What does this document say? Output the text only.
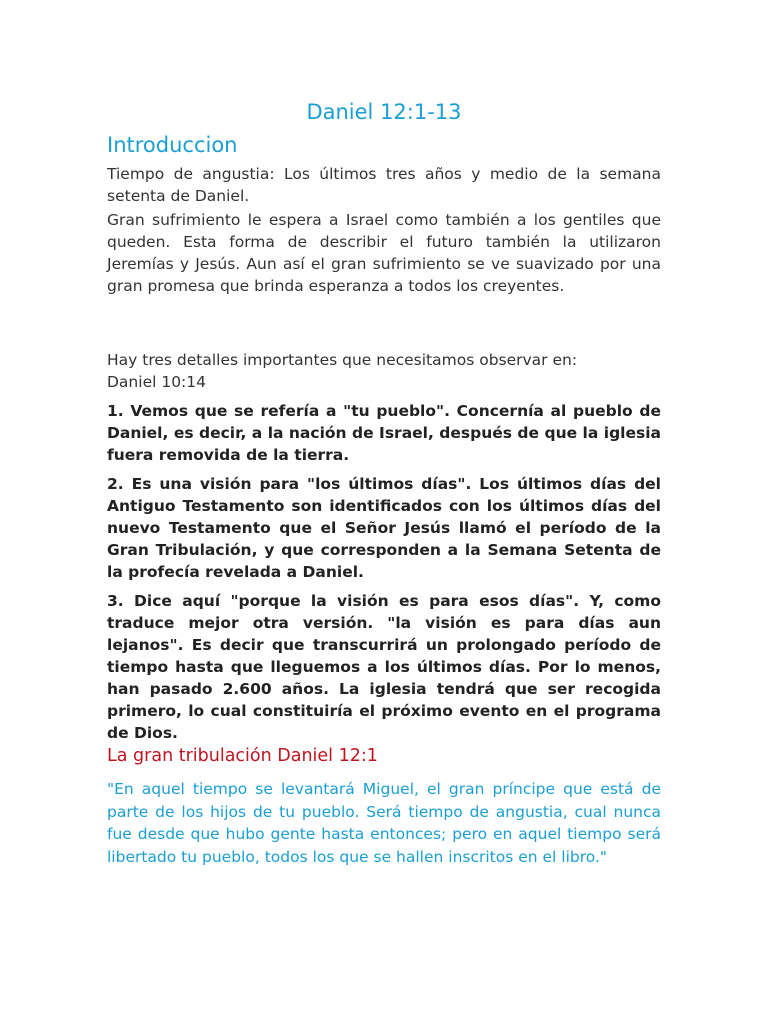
Daniel 12:1-13
Introduccion

Tiempo de angustia: Los últimos tres años y medio de la semana setenta de Daniel.

Gran sufrimiento le espera a Israel como también a los gentiles que queden. Esta forma de describir el futuro también la utilizaron Jeremías y Jesús. Aun así el gran sufrimiento se ve suavizado por una gran promesa que brinda esperanza a todos los creyentes.

Hay tres detalles importantes que necesitamos observar en:
Daniel 10:14

1. Vemos que se refería a "tu pueblo". Concernía al pueblo de Daniel, es decir, a la nación de Israel, después de que la iglesia fuera removida de la tierra.

2. Es una visión para "los últimos días". Los últimos días del Antiguo Testamento son identificados con los últimos días del nuevo Testamento que el Señor Jesús llamó el período de la Gran Tribulación, y que corresponden a la Semana Setenta de la profecía revelada a Daniel.

3. Dice aquí "porque la visión es para esos días". Y, como traduce mejor otra versión. "la visión es para días aun lejanos". Es decir que transcurrirá un prolongado período de tiempo hasta que lleguemos a los últimos días. Por lo menos, han pasado 2.600 años. La iglesia tendrá que ser recogida primero, lo cual constituiría el próximo evento en el programa de Dios.

La gran tribulación Daniel 12:1

"En aquel tiempo se levantará Miguel, el gran príncipe que está de parte de los hijos de tu pueblo. Será tiempo de angustia, cual nunca fue desde que hubo gente hasta entonces; pero en aquel tiempo será libertado tu pueblo, todos los que se hallen inscritos en el libro."
